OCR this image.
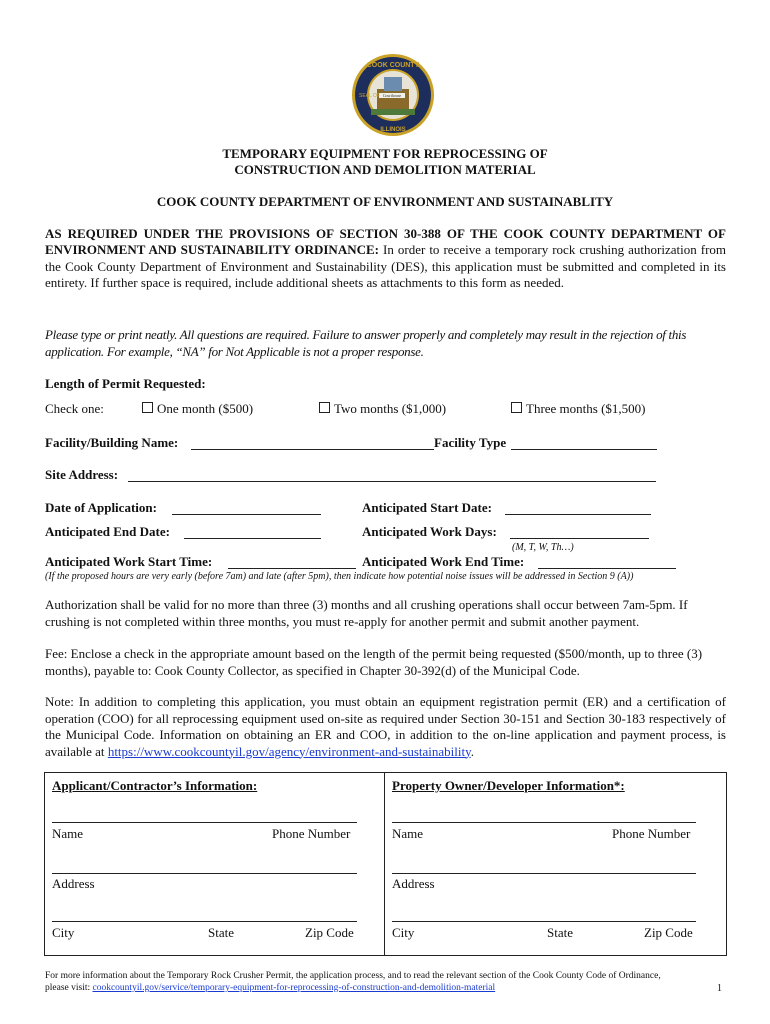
COOK COUNTY
ILLINOIS
SEAL OF Courthouse
TEMPORARY EQUIPMENT FOR REPROCESSING OF
CONSTRUCTION AND DEMOLITION MATERIAL
COOK COUNTY DEPARTMENT OF ENVIRONMENT AND SUSTAINABLITY
AS REQUIRED UNDER THE PROVISIONS OF SECTION 30-388 OF THE COOK COUNTY DEPARTMENT OF ENVIRONMENT AND SUSTAINABILITY ORDINANCE: In order to receive a temporary rock crushing authorization from the Cook County Department of Environment and Sustainability (DES), this application must be submitted and completed in its entirety. If further space is required, include additional sheets as attachments to this form as needed.
Please type or print neatly. All questions are required. Failure to answer properly and completely may result in the rejection of this application. For example, “NA” for Not Applicable is not a proper response.
Length of Permit Requested:
Check one:	One month ($500)	Two months ($1,000)	Three months ($1,500)
Facility/Building Name:	Facility Type
Site Address:
Date of Application:	Anticipated Start Date:
Anticipated End Date:	Anticipated Work Days:
(M, T, W, Th…)
Anticipated Work Start Time:	Anticipated Work End Time:
(If the proposed hours are very early (before 7am) and late (after 5pm), then indicate how potential noise issues will be addressed in Section 9 (A))
Authorization shall be valid for no more than three (3) months and all crushing operations shall occur between 7am-5pm. If crushing is not completed within three months, you must re-apply for another permit and submit another payment.
Fee: Enclose a check in the appropriate amount based on the length of the permit being requested ($500/month, up to three (3) months), payable to: Cook County Collector, as specified in Chapter 30-392(d) of the Municipal Code.
Note: In addition to completing this application, you must obtain an equipment registration permit (ER) and a certification of operation (COO) for all reprocessing equipment used on-site as required under Section 30-151 and Section 30-183 respectively of the Municipal Code. Information on obtaining an ER and COO, in addition to the on-line application and payment process, is available at https://www.cookcountyil.gov/agency/environment-and-sustainability.
Applicant/Contractor’s Information:
Name	Phone Number
Address
City	State	Zip Code
Property Owner/Developer Information*:
Name	Phone Number
Address
City	State	Zip Code
For more information about the Temporary Rock Crusher Permit, the application process, and to read the relevant section of the Cook County Code of Ordinance,
please visit: cookcountyil.gov/service/temporary-equipment-for-reprocessing-of-construction-and-demolition-material	1
